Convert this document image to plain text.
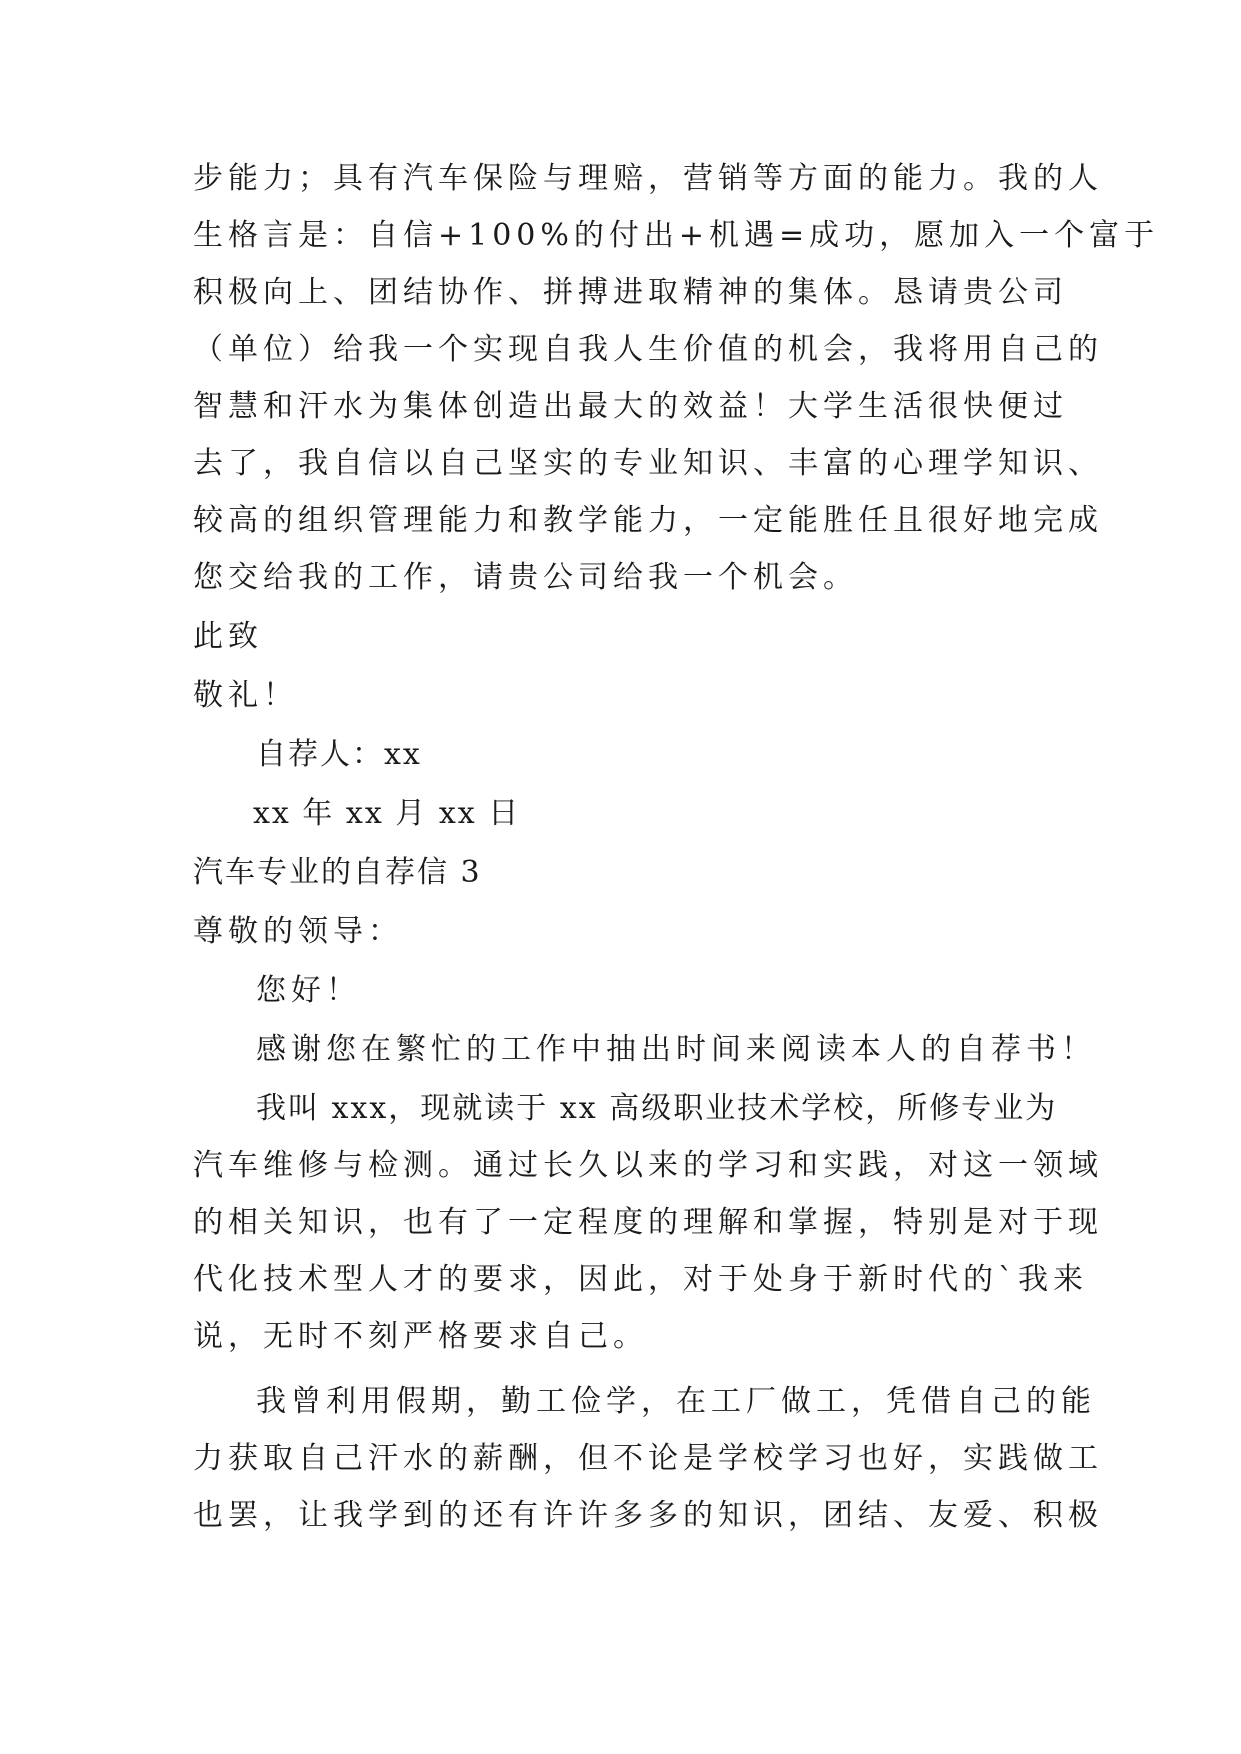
步能力；具有汽车保险与理赔，营销等方面的能力。我的人

生格言是：自信+100%的付出+机遇=成功，愿加入一个富于

积极向上、团结协作、拼搏进取精神的集体。恳请贵公司

（单位）给我一个实现自我人生价值的机会，我将用自己的

智慧和汗水为集体创造出最大的效益！大学生活很快便过

去了，我自信以自己坚实的专业知识、丰富的心理学知识、

较高的组织管理能力和教学能力，一定能胜任且很好地完成

您交给我的工作，请贵公司给我一个机会。

此致

敬礼！

自荐人：xx

xx 年 xx 月 xx 日

汽车专业的自荐信 3

尊敬的领导：

您好！

感谢您在繁忙的工作中抽出时间来阅读本人的自荐书！

我叫 xxx，现就读于 xx 高级职业技术学校，所修专业为

汽车维修与检测。通过长久以来的学习和实践，对这一领域

的相关知识，也有了一定程度的理解和掌握，特别是对于现

代化技术型人才的要求，因此，对于处身于新时代的`我来

说，无时不刻严格要求自己。

我曾利用假期，勤工俭学，在工厂做工，凭借自己的能

力获取自己汗水的薪酬，但不论是学校学习也好，实践做工

也罢，让我学到的还有许许多多的知识，团结、友爱、积极
